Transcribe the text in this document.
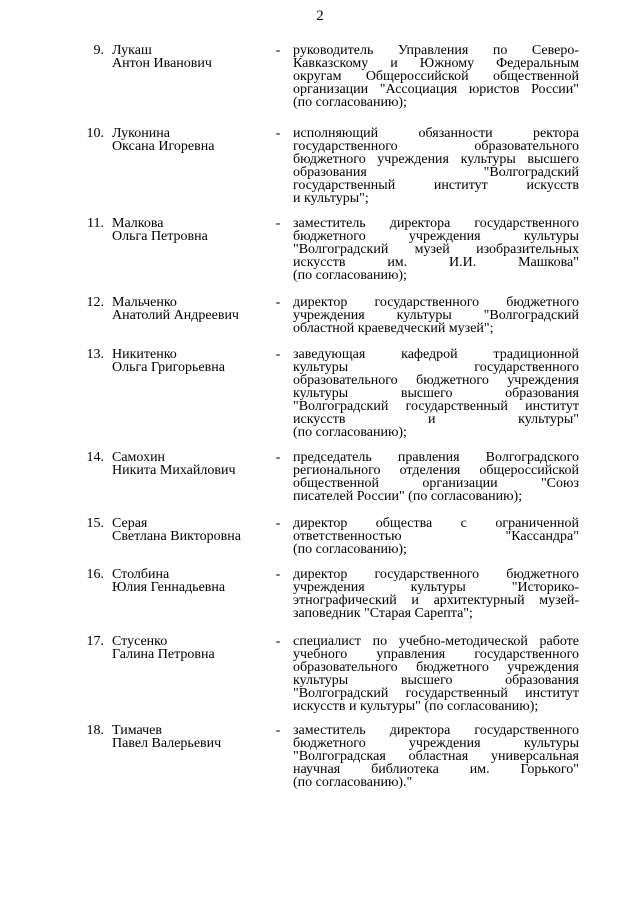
2
9. Лукаш
Антон Иванович
- руководитель Управления по Северо-
Кавказскому и Южному Федеральным
округам Общероссийской общественной
организации "Ассоциация юристов России"
(по согласованию);
10. Луконина
Оксана Игоревна
- исполняющий обязанности ректора
государственного образовательного
бюджетного учреждения культуры высшего
образования "Волгоградский
государственный институт искусств
и культуры";
11. Малкова
Ольга Петровна
- заместитель директора государственного
бюджетного учреждения культуры
"Волгоградский музей изобразительных
искусств им. И.И. Машкова"
(по согласованию);
12. Мальченко
Анатолий Андреевич
- директор государственного бюджетного
учреждения культуры "Волгоградский
областной краеведческий музей";
13. Никитенко
Ольга Григорьевна
- заведующая кафедрой традиционной
культуры государственного
образовательного бюджетного учреждения
культуры высшего образования
"Волгоградский государственный институт
искусств и культуры"
(по согласованию);
14. Самохин
Никита Михайлович
- председатель правления Волгоградского
регионального отделения общероссийской
общественной организации "Союз
писателей России" (по согласованию);
15. Серая
Светлана Викторовна
- директор общества с ограниченной
ответственностью "Кассандра"
(по согласованию);
16. Столбина
Юлия Геннадьевна
- директор государственного бюджетного
учреждения культуры "Историко-
этнографический и архитектурный музей-
заповедник "Старая Сарепта";
17. Стусенко
Галина Петровна
- специалист по учебно-методической работе
учебного управления государственного
образовательного бюджетного учреждения
культуры высшего образования
"Волгоградский государственный институт
искусств и культуры" (по согласованию);
18. Тимачев
Павел Валерьевич
- заместитель директора государственного
бюджетного учреждения культуры
"Волгоградская областная универсальная
научная библиотека им. Горького"
(по согласованию)."
